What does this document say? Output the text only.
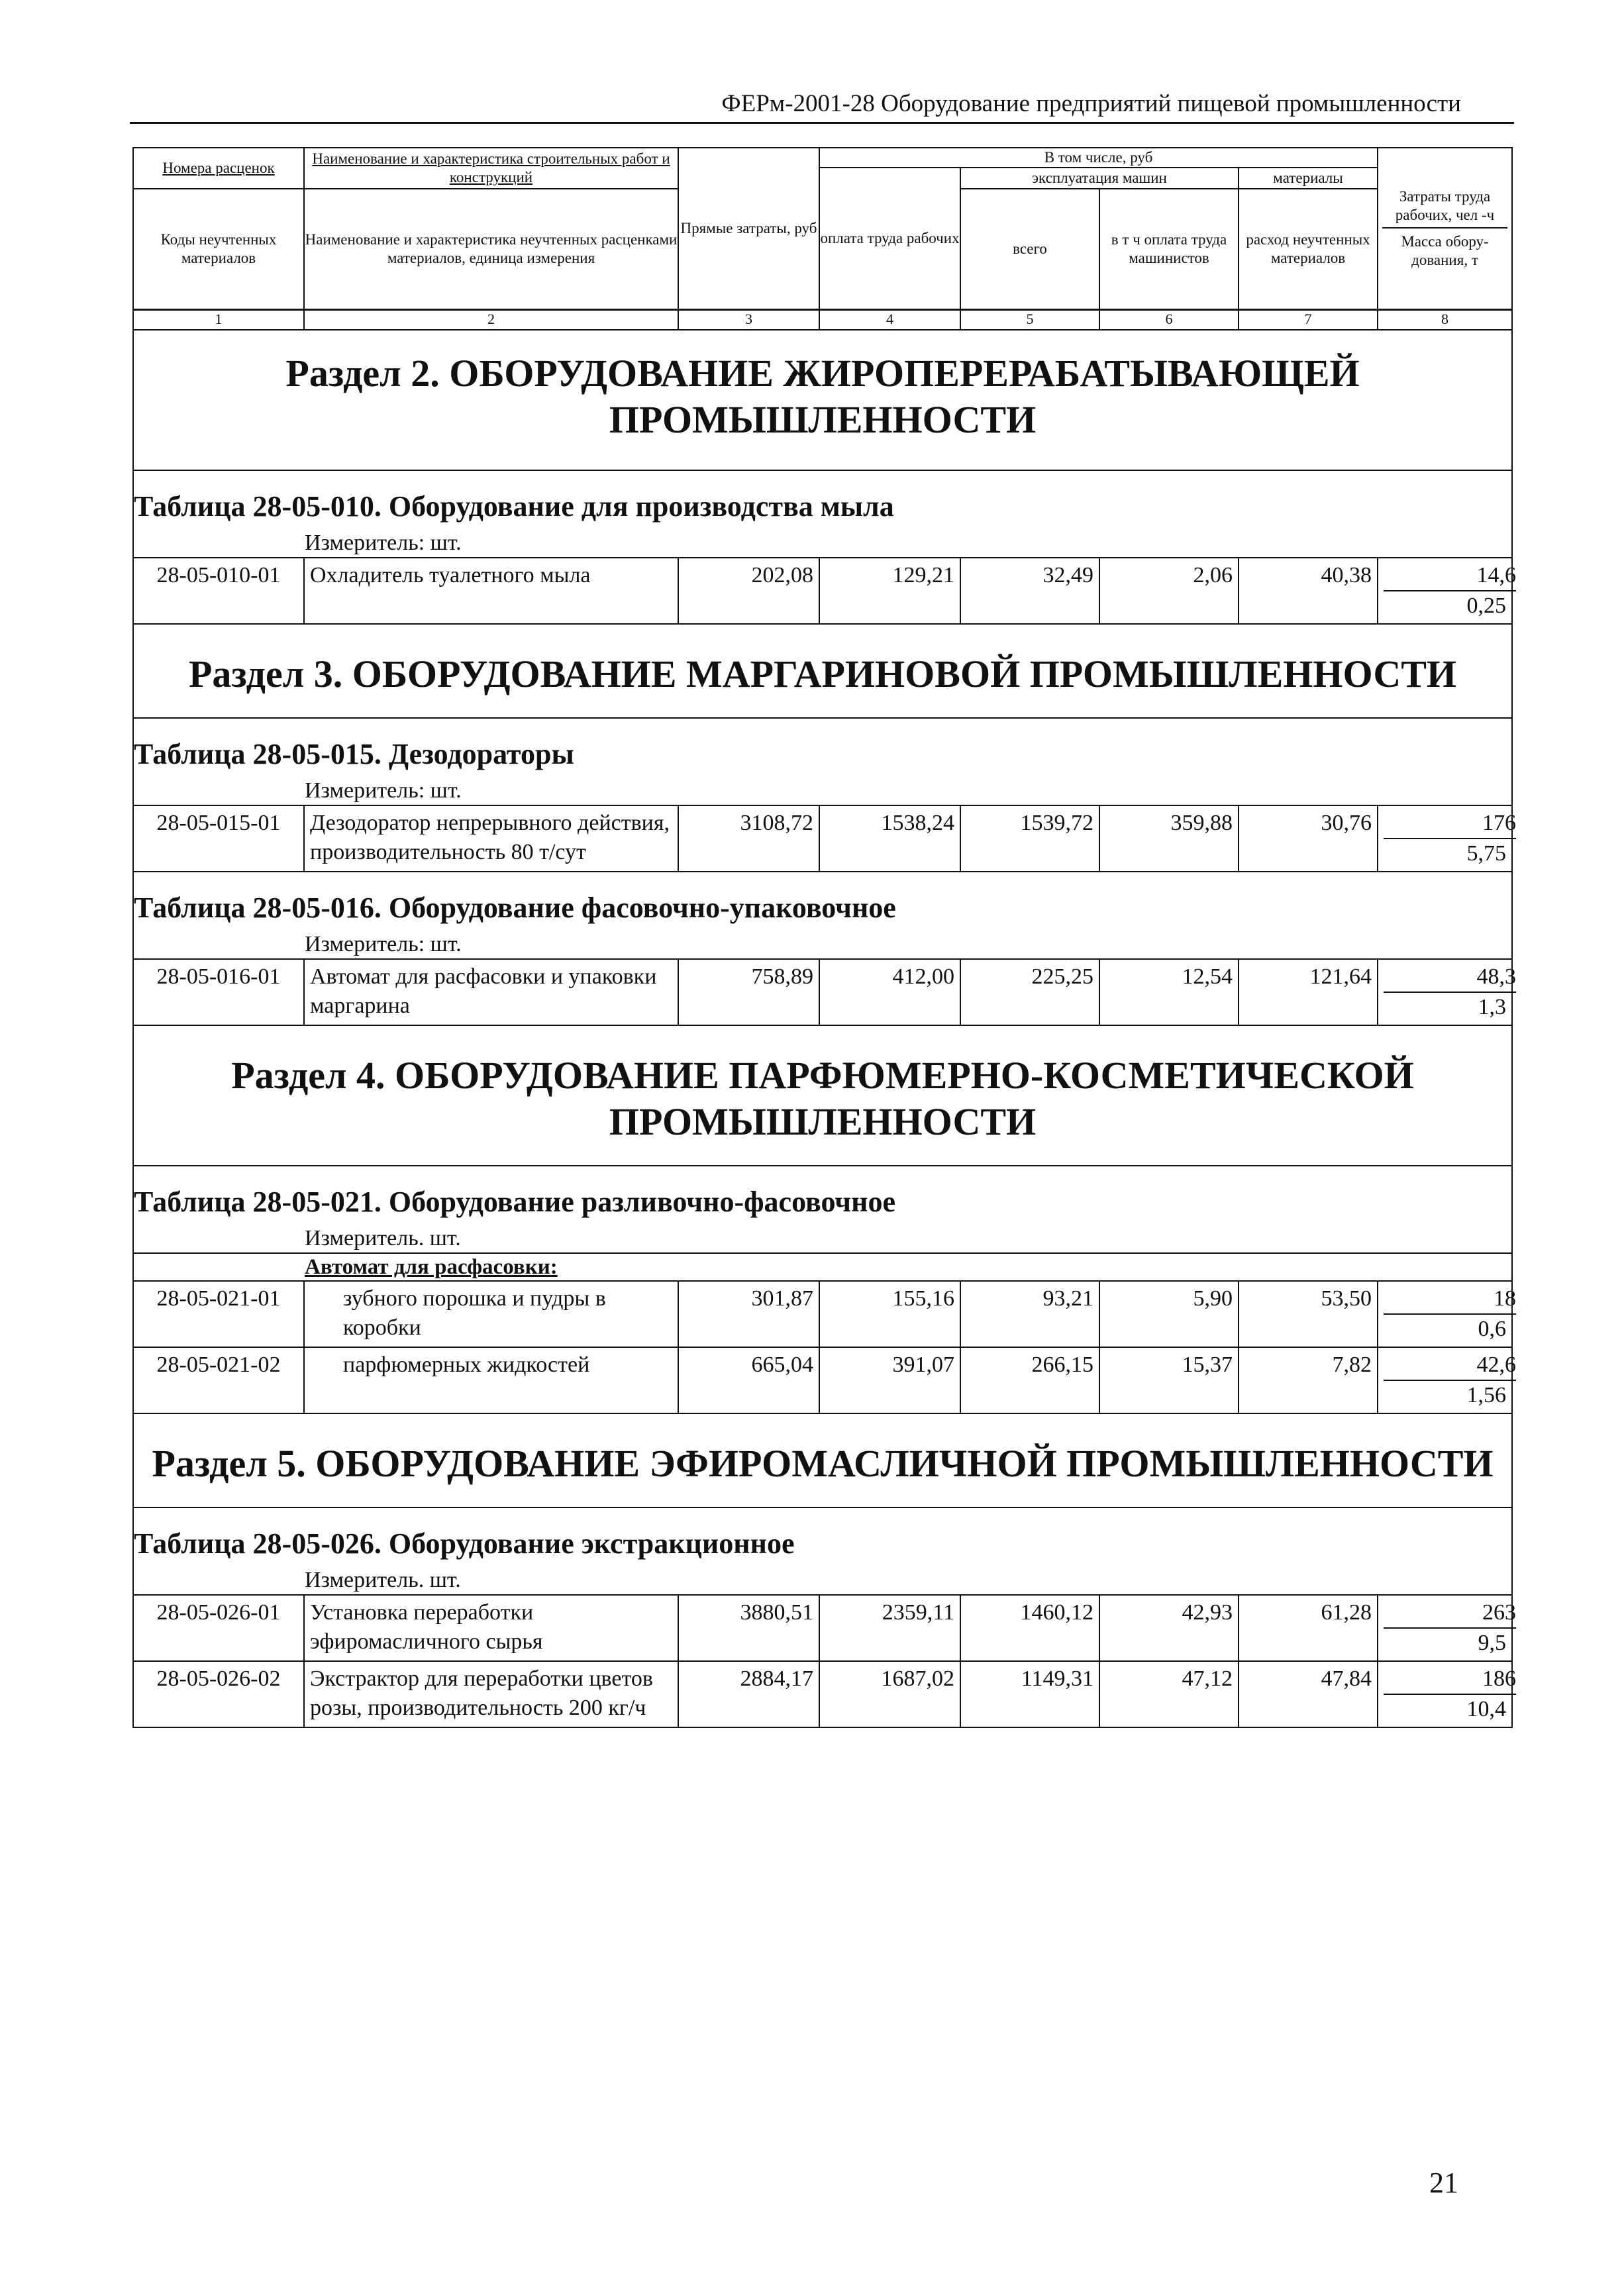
ФЕРм-2001-28 Оборудование предприятий пищевой промышленности
Номера расценок	Наименование и характеристика строительных работ и конструкций	Прямые затраты, руб	В том числе, руб				Затраты труда рабочих, чел -ч
Масса обору-дования, т

			оплата труда рабочих	эксплуатация машин		материалы	
Коды неучтенных материалов	Наименование и характеристика неучтенных расценками материалов, единица измерения			всего	в т ч оплата труда машинистов	расход неучтенных материалов	
1	2	3	4	5	6	7	8
Раздел 2. ОБОРУДОВАНИЕ ЖИРОПЕРЕРАБАТЫВАЮЩЕЙ ПРОМЫШЛЕННОСТИ							
Таблица 28-05-010. Оборудование для производства мыла							
Измеритель: шт.							
28-05-010-01	Охладитель туалетного мыла	202,08	129,21	32,49	2,06	40,38	14,6
0,25

Раздел 3. ОБОРУДОВАНИЕ МАРГАРИНОВОЙ ПРОМЫШЛЕННОСТИ							
Таблица 28-05-015. Дезодораторы							
Измеритель: шт.							
28-05-015-01	Дезодоратор непрерывного действия, производительность 80 т/сут	3108,72	1538,24	1539,72	359,88	30,76	176
5,75

Таблица 28-05-016. Оборудование фасовочно-упаковочное							
Измеритель: шт.							
28-05-016-01	Автомат для расфасовки и упаковки маргарина	758,89	412,00	225,25	12,54	121,64	48,3
1,3

Раздел 4. ОБОРУДОВАНИЕ ПАРФЮМЕРНО-КОСМЕТИЧЕСКОЙ ПРОМЫШЛЕННОСТИ							
Таблица 28-05-021. Оборудование разливочно-фасовочное							
Измеритель. шт.							
Автомат для расфасовки:							
28-05-021-01	зубного порошка и пудры в коробки	301,87	155,16	93,21	5,90	53,50	18
0,6

28-05-021-02	парфюмерных жидкостей	665,04	391,07	266,15	15,37	7,82	42,6
1,56

Раздел 5. ОБОРУДОВАНИЕ ЭФИРОМАСЛИЧНОЙ ПРОМЫШЛЕННОСТИ							
Таблица 28-05-026. Оборудование экстракционное							
Измеритель. шт.							
28-05-026-01	Установка переработки эфиромасличного сырья	3880,51	2359,11	1460,12	42,93	61,28	263
9,5

28-05-026-02	Экстрактор для переработки цветов розы, производительность 200 кг/ч	2884,17	1687,02	1149,31	47,12	47,84	186
10,4
21
